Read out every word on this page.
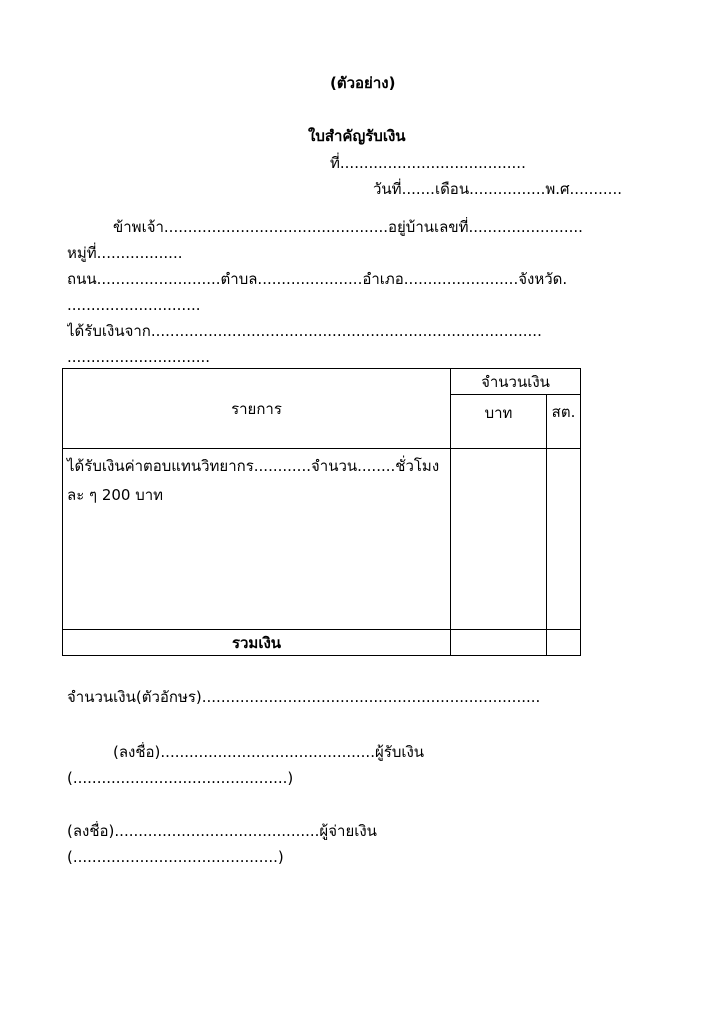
(ตัวอย่าง)
ใบสำคัญรับเงิน
ที่.......................................
วันที่.......เดือน................พ.ศ...........
ข้าพเจ้า...............................................อยู่บ้านเลขที่........................
หมู่ที่..................
ถนน..........................ตำบล......................อำเภอ........................จังหวัด.
............................
ได้รับเงินจาก..................................................................................
..............................
รายการ	จำนวนเงิน	
	บาท	สต.

ได้รับเงินค่าตอบแทนวิทยากร............จำนวน........ชั่วโมงละ ๆ 200 บาท		

รวมเงิน		
จำนวนเงิน(ตัวอักษร).......................................................................
(ลงชื่อ).............................................ผู้รับเงิน
(.............................................)
(ลงชื่อ)...........................................ผู้จ่ายเงิน
(...........................................)
